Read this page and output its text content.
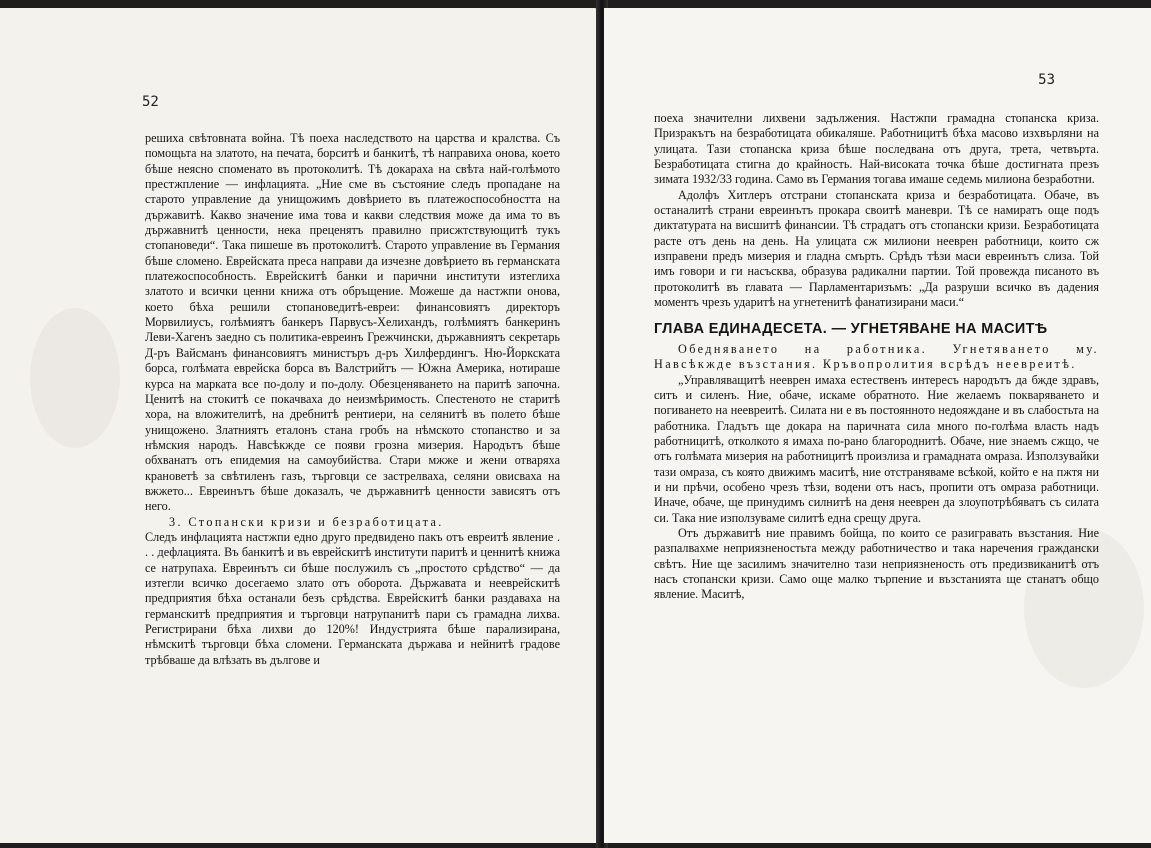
52

решиха свѣтовната война. Тѣ поеха наследството на царства и кралства. Съ помощьта на златото, на печата, борситѣ и банкитѣ, тѣ направиха онова, което бѣше неясно споменато въ протоколитѣ. Тѣ докараха на свѣта най-голѣмото престжпление — инфлацията. „Ние сме въ състояние следъ пропадане на старото управление да унищожимъ довѣрието въ платежоспособността на държавитѣ. Какво значение има това и какви следствия може да има то въ държавнитѣ ценности, нека преценятъ правилно присжтствующитѣ тукъ стопановеди“. Така пишеше въ протоколитѣ. Старото управление въ Германия бѣше сломено. Еврейската преса направи да изчезне довѣрието въ германската платежоспособность. Еврейскитѣ банки и парични институти изтеглиха златото и всички ценни книжа отъ обръщение. Можеше да настжпи онова, което бѣха решили стопановедитѣ-евреи: финансовиятъ директоръ Морвилиусъ, голѣмиятъ банкеръ Парвусъ-Хелихандъ, голѣмиятъ банкеринъ Леви-Хагенъ заедно съ политика-евреинъ Грежчински, държавниятъ секретарь Д-ръ Вайсманъ финансовиятъ министъръ д-ръ Хилфердингъ. Ню-Йоркската борса, голѣмата еврейска борса въ Валстрийтъ — Южна Америка, нотираше курса на марката все по-долу и по-долу. Обезценяването на паритѣ започна. Ценитѣ на стокитѣ се покачваха до неизмѣримость. Спестеното не старитѣ хора, на вложителитѣ, на дребнитѣ рентиери, на селянитѣ въ полето бѣше унищожено. Златниятъ еталонъ стана гробъ на нѣмското стопанство и за нѣмския народъ. Навсѣкжде се появи грозна мизерия. Народътъ бѣше обхванатъ отъ епидемия на самоубийства. Стари мжже и жени отваряха крановетѣ за свѣтиленъ газъ, търговци се застрелваха, селяни овисваха на вжжето... Евреинътъ бѣше доказалъ, че държавнитѣ ценности зависятъ отъ него.

3. Стопански кризи и безработицата.

Следъ инфлацията настжпи едно друго предвидено пакъ отъ евреитѣ явление . . . дефлацията. Въ банкитѣ и въ еврейскитѣ институти паритѣ и ценнитѣ книжа се натрупаха. Евреинътъ си бѣше послужилъ съ „простото срѣдство“ — да изтегли всичко досегаемо злато отъ оборота. Държавата и нееврейскитѣ предприятия бѣха останали безъ срѣдства. Еврейскитѣ банки раздаваха на германскитѣ предприятия и търговци натрупанитѣ пари съ грамадна лихва. Регистрирани бѣха лихви до 120%! Индустрията бѣше парализирана, нѣмскитѣ търговци бѣха сломени. Германската държава и нейнитѣ градове трѣбваше да влѣзать въ дългове и

53

поеха значителни лихвени задължения. Настжпи грамадна стопанска криза. Призракътъ на безработицата обикаляше. Работницитѣ бѣха масово изхвърляни на улицата. Тази стопанска криза бѣше последвана отъ друга, трета, четвърта. Безработицата стигна до крайность. Най-високата точка бѣше достигната презъ зимата 1932/33 година. Само въ Германия тогава имаше седемь милиона безработни.

Адолфъ Хитлеръ отстрани стопанската криза и безработицата. Обаче, въ останалитѣ страни евреинътъ прокара своитѣ маневри. Тѣ се намиратъ още подъ диктатурата на висшитѣ финансии. Тѣ страдатъ отъ стопански кризи. Безработицата расте отъ день на день. На улицата сж милиони нееврен работници, които сж изправени предъ мизерия и гладна смърть. Срѣдъ тѣзи маси евреинътъ слиза. Той имъ говори и ги насъсква, образува радикални партии. Той провежда писаното въ протоколитѣ въ главата — Парламентаризъмъ: „Да разруши всичко въ дадения моментъ чрезъ ударитѣ на угнетенитѣ фанатизирани маси.“

ГЛАВА ЕДИНАДЕСЕТА. — УГНЕТЯВАНЕ НА МАСИТѢ

Обедняването на работника. Угнетяването му. Навсѣкжде възстания. Кръвопролития всрѣдъ неевреитѣ.

„Управляващитѣ нееврен имаха естественъ интересъ народътъ да бжде здравъ, ситъ и силенъ. Ние, обаче, искаме обратното. Ние желаемъ покваряването и погиването на неевреитѣ. Силата ни е въ постоянното недояждане и въ слабостьта на работника. Гладътъ ще докара на паричната сила много по-голѣма власть надъ работницитѣ, отколкото я имаха по-рано благороднитѣ. Обаче, ние знаемъ сжщо, че отъ голѣмата мизерия на работницитѣ произлиза и грамадната омраза. Използувайки тази омраза, съ която движимъ маситѣ, ние отстраняваме всѣкой, който е на пжтя ни и ни прѣчи, особено чрезъ тѣзи, водени отъ насъ, пропити отъ омраза работници. Иначе, обаче, ще принудимъ силнитѣ на деня нееврен да злоупотрѣбяватъ съ силата си. Така ние използуваме силитѣ една срещу друга.

Отъ държавитѣ ние правимъ бойща, по които се разигравать възстания. Ние разпалвахме неприязненостьта между работничество и така наречения граждански свѣтъ. Ние ще засилимъ значително тази неприязненость отъ предизвиканитѣ отъ насъ стопански кризи. Само още малко търпение и възстанията ще станатъ общо явление. Маситѣ,
